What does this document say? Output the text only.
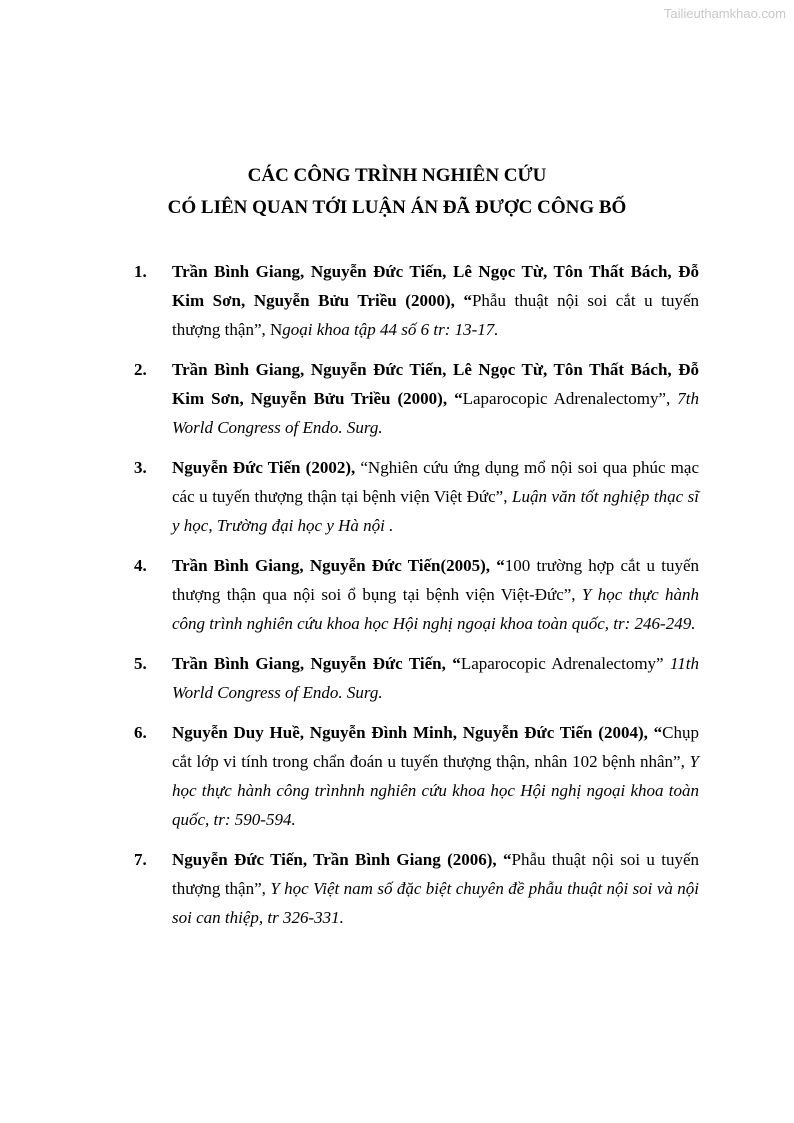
Tailieuthamkhao.com

CÁC CÔNG TRÌNH NGHIÊN CỨU

CÓ LIÊN QUAN TỚI LUẬN ÁN ĐÃ ĐƯỢC CÔNG BỐ

1. Trần Bình Giang, Nguyễn Đức Tiến, Lê Ngọc Từ, Tôn Thất Bách, Đỗ Kim Sơn, Nguyễn Bửu Triều (2000), “Phẫu thuật nội soi cắt u tuyến thượng thận”, Ngoại khoa tập 44 số 6 tr: 13-17.
2. Trần Bình Giang, Nguyễn Đức Tiến, Lê Ngọc Từ, Tôn Thất Bách, Đỗ Kim Sơn, Nguyễn Bửu Triều (2000), “Laparocopic Adrenalectomy”, 7th World Congress of Endo. Surg.
3. Nguyễn Đức Tiến (2002), “Nghiên cứu ứng dụng mổ nội soi qua phúc mạc các u tuyến thượng thận tại bệnh viện Việt Đức”, Luận văn tốt nghiệp thạc sĩ y học, Trường đại học y Hà nội .
4. Trần Bình Giang, Nguyễn Đức Tiến(2005), “100 trường hợp cắt u tuyến thượng thận qua nội soi ổ bụng tại bệnh viện Việt-Đức”, Y học thực hành công trình nghiên cứu khoa học Hội nghị ngoại khoa toàn quốc, tr: 246-249.
5. Trần Bình Giang, Nguyễn Đức Tiến, “Laparocopic Adrenalectomy” 11th World Congress of Endo. Surg.
6. Nguyễn Duy Huề, Nguyễn Đình Minh, Nguyễn Đức Tiến (2004), “Chụp cắt lớp vi tính trong chẩn đoán u tuyến thượng thận, nhân 102 bệnh nhân”, Y học thực hành công trìnhnh nghiên cứu khoa học Hội nghị ngoại khoa toàn quốc, tr: 590-594.
7. Nguyễn Đức Tiến, Trần Bình Giang (2006), “Phẫu thuật nội soi u tuyến thượng thận”, Y học Việt nam số đặc biệt chuyên đề phẫu thuật nội soi và nội soi can thiệp, tr 326-331.
